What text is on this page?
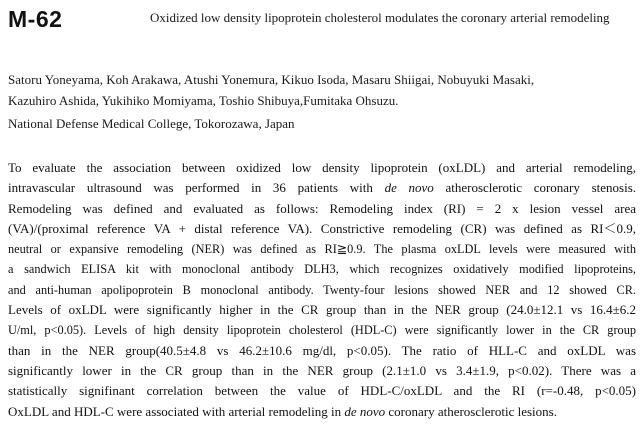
M-62	Oxidized low density lipoprotein cholesterol modulates the coronary arterial remodeling
Satoru Yoneyama, Koh Arakawa, Atushi Yonemura, Kikuo Isoda, Masaru Shiigai, Nobuyuki Masaki,
Kazuhiro Ashida, Yukihiko Momiyama, Toshio Shibuya,Fumitaka Ohsuzu.
National Defense Medical College, Tokorozawa, Japan
To evaluate the association between oxidized low density lipoprotein (oxLDL) and arterial remodeling,
intravascular ultrasound was performed in 36 patients with de novo atherosclerotic coronary stenosis.
Remodeling was defined and evaluated as follows: Remodeling index (RI) = 2 x lesion vessel area
(VA)/(proximal reference VA + distal reference VA). Constrictive remodeling (CR) was defined as RI＜0.9,
neutral or expansive remodeling (NER) was defined as RI≧0.9. The plasma oxLDL levels were measured with
a sandwich ELISA kit with monoclonal antibody DLH3, which recognizes oxidatively modified lipoproteins,
and anti-human apolipoprotein B monoclonal antibody. Twenty-four lesions showed NER and 12 showed CR.
Levels of oxLDL were significantly higher in the CR group than in the NER group (24.0±12.1 vs 16.4±6.2
U/ml, p<0.05). Levels of high density lipoprotein cholesterol (HDL-C) were significantly lower in the CR group
than in the NER group(40.5±4.8 vs 46.2±10.6 mg/dl, p<0.05). The ratio of HLL-C and oxLDL was
significantly lower in the CR group than in the NER group (2.1±1.0 vs 3.4±1.9, p<0.02). There was a
statistically signifinant correlation between the value of HDL-C/oxLDL and the RI (r=-0.48, p<0.05)
OxLDL and HDL-C were associated with arterial remodeling in de novo coronary atherosclerotic lesions.
